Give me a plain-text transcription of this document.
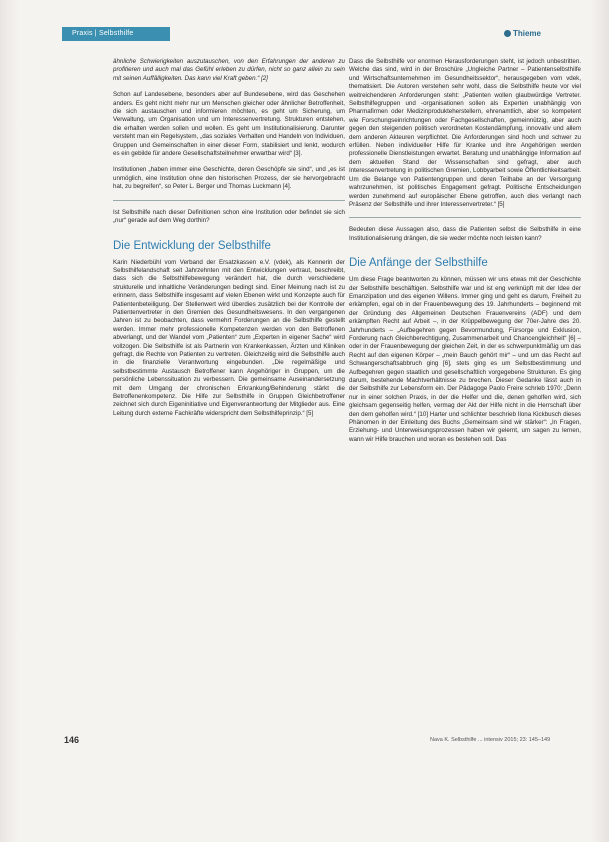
Praxis | Selbsthilfe	Thieme

ähnliche Schwierigkeiten auszutauschen, von den Erfahrungen der anderen zu profitieren und auch mal das Gefühl erleben zu dürfen, nicht so ganz allein zu sein mit seinen Auffälligkeiten. Das kann viel Kraft geben.“ [2]

Schon auf Landesebene, besonders aber auf Bundesebene, wird das Geschehen anders. Es geht nicht mehr nur um Menschen gleicher oder ähnlicher Betroffenheit, die sich austauschen und informieren möchten, es geht um Sicherung, um Verwaltung, um Organisation und um Interessenvertretung. Strukturen entstehen, die erhalten werden sollen und wollen. Es geht um Institutionalisierung. Darunter versteht man ein Regelsystem, „das soziales Verhalten und Handeln von Individuen, Gruppen und Gemeinschaften in einer dieser Form, stabilisiert und lenkt, wodurch es ein gebilde für andere Gesellschaftsteilnehmer erwartbar wird“ [3].

Institutionen „haben immer eine Geschichte, deren Geschöpfe sie sind“, und „es ist unmöglich, eine Institution ohne den historischen Prozess, der sie hervorgebracht hat, zu begreifen“, so Peter L. Berger und Thomas Luckmann [4].

Ist Selbsthilfe nach dieser Definitionen schon eine Institution oder befindet sie sich „nur“ gerade auf dem Weg dorthin?

Die Entwicklung der Selbsthilfe

Karin Niederbühl vom Verband der Ersatzkassen e.V. (vdek), als Kennerin der Selbsthilfelandschaft seit Jahrzehnten mit den Entwicklungen vertraut, beschreibt, dass sich die Selbsthilfebewegung verändert hat, die durch verschiedene strukturelle und inhaltliche Veränderungen bedingt sind. Einer Meinung nach ist zu erinnern, dass Selbsthilfe insgesamt auf vielen Ebenen wirkt und Konzepte auch für Patientenbeteiligung. Der Stellenwert wird überdies zusätzlich bei der Kontrolle der Patientenvertreter in den Gremien des Gesundheitswesens. In den vergangenen Jahren ist zu beobachten, dass vermehrt Forderungen an die Selbsthilfe gestellt werden. Immer mehr professionelle Kompetenzen werden von den Betroffenen abverlangt, und der Wandel vom „Patienten“ zum „Experten in eigener Sache“ wird vollzogen. Die Selbsthilfe ist als Partnerin von Krankenkassen, Ärzten und Kliniken gefragt, die Rechte von Patienten zu vertreten. Gleichzeitig wird die Selbsthilfe auch in die finanzielle Verantwortung eingebunden. „Die regelmäßige und selbstbestimmte Austausch Betroffener kann Angehöriger in Gruppen, um die persönliche Lebenssituation zu verbessern. Die gemeinsame Auseinandersetzung mit dem Umgang der chronischen Erkrankung/Behinderung stärkt die Betroffenenkompetenz. Die Hilfe zur Selbsthilfe in Gruppen Gleichbetroffener zeichnet sich durch Eigeninitiative und Eigenverantwortung der Mitglieder aus. Eine Leitung durch externe Fachkräfte widerspricht dem Selbsthilfeprinzip.“ [5]

Dass die Selbsthilfe vor enormen Herausforderungen steht, ist jedoch unbestritten. Welche das sind, wird in der Broschüre „Ungleiche Partner – Patientenselbsthilfe und Wirtschaftsunternehmen im Gesundheitssektor“, herausgegeben vom vdek, thematisiert. Die Autoren verstehen sehr wohl, dass die Selbsthilfe heute vor viel weitreichenderen Anforderungen steht: „Patienten wollen glaubwürdige Vertreter. Selbsthilfegruppen und -organisationen sollen als Experten unabhängig von Pharmafirmen oder Medizinprodukteherstellern, ehrenamtlich, aber so kompetent wie Forschungseinrichtungen oder Fachgesellschaften, gemeinnützig, aber auch gegen den steigenden politisch verordneten Kostendämpfung, innovativ und allem dem anderen Akteuren verpflichtet. Die Anforderungen sind hoch und schwer zu erfüllen. Neben individueller Hilfe für Kranke und ihre Angehörigen werden professionelle Dienstleistungen erwartet. Beratung und unabhängige Information auf dem aktuellen Stand der Wissenschaften sind gefragt, aber auch Interessenvertretung in politischen Gremien, Lobbyarbeit sowie Öffentlichkeitsarbeit. Um die Belange von Patientengruppen und deren Teilhabe an der Versorgung wahrzunehmen, ist politisches Engagement gefragt. Politische Entscheidungen werden zunehmend auf europäischer Ebene getroffen, auch dies verlangt nach Präsenz der Selbsthilfe und ihrer Interessenvertreter.“ [5]

Bedeuten diese Aussagen also, dass die Patienten selbst die Selbsthilfe in eine Institutionalisierung drängen, die sie weder möchte noch leisten kann?

Die Anfänge der Selbsthilfe

Um diese Frage beantworten zu können, müssen wir uns etwas mit der Geschichte der Selbsthilfe beschäftigen. Selbsthilfe war und ist eng verknüpft mit der Idee der Emanzipation und des eigenen Willens. Immer ging und geht es darum, Freiheit zu erkämpfen, egal ob in der Frauenbewegung des 19. Jahrhunderts – beginnend mit der Gründung des Allgemeinen Deutschen Frauenvereins (ADF) und dem erkämpften Recht auf Arbeit –, in der Krüppelbewegung der 70er-Jahre des 20. Jahrhunderts – „Aufbegehren gegen Bevormundung, Fürsorge und Exklusion, Forderung nach Gleichberechtigung, Zusammenarbeit und Chancengleichheit“ [6] – oder in der Frauenbewegung der gleichen Zeit, in der es schwerpunktmäßig um das Recht auf den eigenen Körper – „mein Bauch gehört mir“ – und um das Recht auf Schwangerschaftsabbruch ging [6], stets ging es um Selbstbestimmung und Aufbegehren gegen staatlich und gesellschaftlich vorgegebene Strukturen. Es ging darum, bestehende Machtverhältnisse zu brechen. Dieser Gedanke lässt auch in der Selbsthilfe zur Lebensform ein. Der Pädagoge Paolo Freire schrieb 1970: „Denn nur in einer solchen Praxis, in der die Helfer und die, denen geholfen wird, sich gleichsam gegenseitig helfen, vermag der Akt der Hilfe nicht in die Herrschaft über den dem geholfen wird.“ [10] Harter und schlichter beschrieb Ilona Kickbusch dieses Phänomen in der Einleitung des Buchs „Gemeinsam sind wir stärker“: „In Fragen, Erziehung- und Unterweisungsprozessen haben wir gelernt, um sagen zu lernen, wann wir Hilfe brauchen und woran es bestehen soll. Das

146	Nava K. Selbsthilfe ... intensiv 2015; 23: 145–149
